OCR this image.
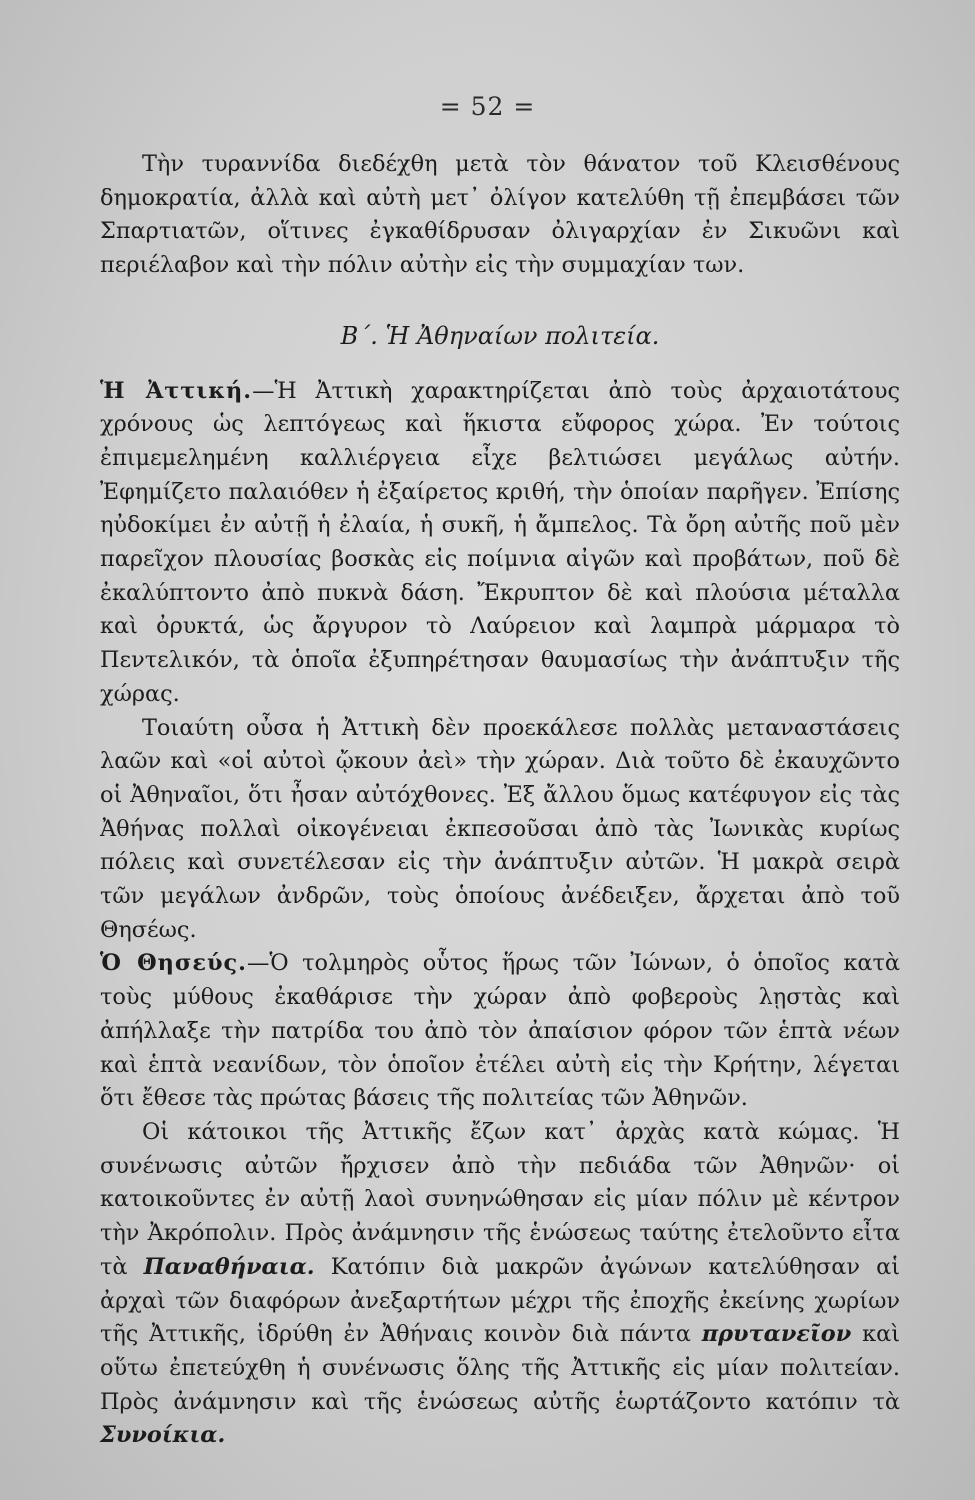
= 52 =

Τὴν τυραννίδα διεδέχθη μετὰ τὸν θάνατον τοῦ Κλεισθένους δημοκρατία, ἀλλὰ καὶ αὐτὴ μετ᾽ ὀλίγον κατελύθη τῇ ἐπεμβάσει τῶν Σπαρτιατῶν, οἵτινες ἐγκαθίδρυσαν ὀλιγαρχίαν ἐν Σικυῶνι καὶ περιέλαβον καὶ τὴν πόλιν αὐτὴν εἰς τὴν συμμαχίαν των.

Β΄. Ἡ Ἀθηναίων πολιτεία.

Ἡ Ἀττική.—Ἡ Ἀττικὴ χαρακτηρίζεται ἀπὸ τοὺς ἀρχαιοτάτους χρόνους ὡς λεπτόγεως καὶ ἥκιστα εὔφορος χώρα. Ἐν τούτοις ἐπιμεμελημένη καλλιέργεια εἶχε βελτιώσει μεγάλως αὐτήν. Ἐφημίζετο παλαιόθεν ἡ ἐξαίρετος κριθή, τὴν ὁποίαν παρῆγεν. Ἐπίσης ηὐδοκίμει ἐν αὐτῇ ἡ ἐλαία, ἡ συκῆ, ἡ ἄμπελος. Τὰ ὄρη αὐτῆς ποῦ μὲν παρεῖχον πλουσίας βοσκὰς εἰς ποίμνια αἰγῶν καὶ προβάτων, ποῦ δὲ ἐκαλύπτοντο ἀπὸ πυκνὰ δάση. Ἔκρυπτον δὲ καὶ πλούσια μέταλλα καὶ ὀρυκτά, ὡς ἄργυρον τὸ Λαύρειον καὶ λαμπρὰ μάρμαρα τὸ Πεντελικόν, τὰ ὁποῖα ἐξυπηρέτησαν θαυμασίως τὴν ἀνάπτυξιν τῆς χώρας.

Τοιαύτη οὖσα ἡ Ἀττικὴ δὲν προεκάλεσε πολλὰς μεταναστάσεις λαῶν καὶ «οἱ αὐτοὶ ᾤκουν ἀεὶ» τὴν χώραν. Διὰ τοῦτο δὲ ἐκαυχῶντο οἱ Ἀθηναῖοι, ὅτι ἦσαν αὐτόχθονες. Ἐξ ἄλλου ὅμως κατέφυγον εἰς τὰς Ἀθήνας πολλαὶ οἰκογένειαι ἐκπεσοῦσαι ἀπὸ τὰς Ἰωνικὰς κυρίως πόλεις καὶ συνετέλεσαν εἰς τὴν ἀνάπτυξιν αὐτῶν. Ἡ μακρὰ σειρὰ τῶν μεγάλων ἀνδρῶν, τοὺς ὁποίους ἀνέδειξεν, ἄρχεται ἀπὸ τοῦ Θησέως.

Ὁ Θησεύς.—Ὁ τολμηρὸς οὗτος ἥρως τῶν Ἰώνων, ὁ ὁποῖος κατὰ τοὺς μύθους ἐκαθάρισε τὴν χώραν ἀπὸ φοβεροὺς λῃστὰς καὶ ἀπήλλαξε τὴν πατρίδα του ἀπὸ τὸν ἀπαίσιον φόρον τῶν ἑπτὰ νέων καὶ ἑπτὰ νεανίδων, τὸν ὁποῖον ἐτέλει αὐτὴ εἰς τὴν Κρήτην, λέγεται ὅτι ἔθεσε τὰς πρώτας βάσεις τῆς πολιτείας τῶν Ἀθηνῶν.

Οἱ κάτοικοι τῆς Ἀττικῆς ἔζων κατ᾽ ἀρχὰς κατὰ κώμας. Ἡ συνένωσις αὐτῶν ἤρχισεν ἀπὸ τὴν πεδιάδα τῶν Ἀθηνῶν· οἱ κατοικοῦντες ἐν αὐτῇ λαοὶ συνηνώθησαν εἰς μίαν πόλιν μὲ κέντρον τὴν Ἀκρόπολιν. Πρὸς ἀνάμνησιν τῆς ἑνώσεως ταύτης ἐτελοῦντο εἶτα τὰ Παναθήναια. Κατόπιν διὰ μακρῶν ἀγώνων κατελύθησαν αἱ ἀρχαὶ τῶν διαφόρων ἀνεξαρτήτων μέχρι τῆς ἐποχῆς ἐκείνης χωρίων τῆς Ἀττικῆς, ἱδρύθη ἐν Ἀθήναις κοινὸν διὰ πάντα πρυτανεῖον καὶ οὕτω ἐπετεύχθη ἡ συνένωσις ὅλης τῆς Ἀττικῆς εἰς μίαν πολιτείαν. Πρὸς ἀνάμνησιν καὶ τῆς ἑνώσεως αὐτῆς ἑωρτάζοντο κατόπιν τὰ Συνοίκια.
